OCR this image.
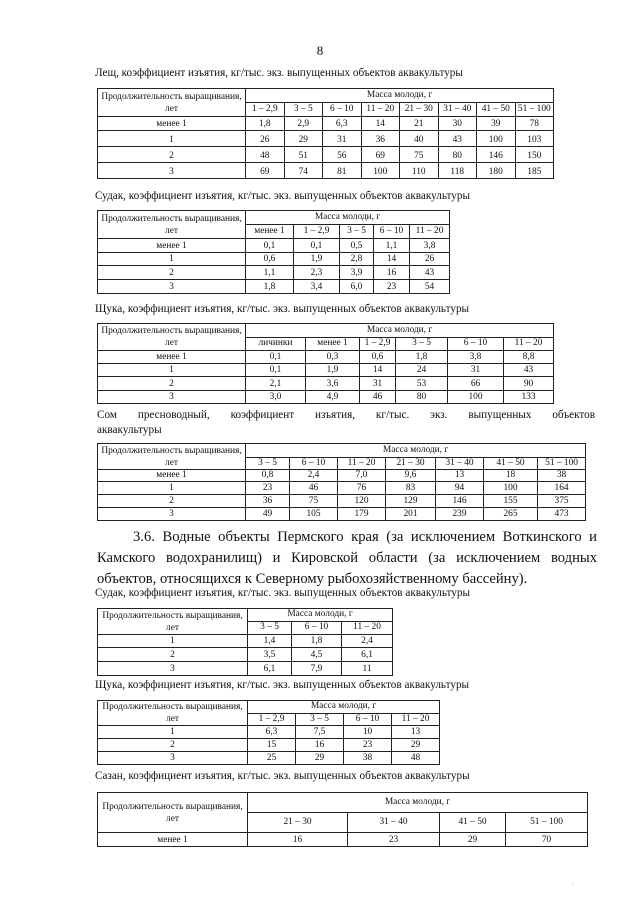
8
Лещ, коэффициент изъятия, кг/тыс. экз. выпущенных объектов аквакультуры
Продолжительность выращивания, лет	Масса молоди, г							
	1 – 2,9	3 – 5	6 – 10	11 – 20	21 – 30	31 – 40	41 – 50	51 – 100
менее 1	1,8	2,9	6,3	14	21	30	39	78
1	26	29	31	36	40	43	100	103
2	48	51	56	69	75	80	146	150
3	69	74	81	100	110	118	180	185
Судак, коэффициент изъятия, кг/тыс. экз. выпущенных объектов аквакультуры
Продолжительность выращивания, лет	Масса молоди, г				
	менее 1	1 – 2,9	3 – 5	6 – 10	11 – 20
менее 1	0,1	0,1	0,5	1,1	3,8
1	0,6	1,9	2,8	14	26
2	1,1	2,3	3,9	16	43
3	1,8	3,4	6,0	23	54
Щука, коэффициент изъятия, кг/тыс. экз. выпущенных объектов аквакультуры
Продолжительность выращивания, лет	Масса молоди, г					
	личинки	менее 1	1 – 2,9	3 – 5	6 – 10	11 – 20
менее 1	0,1	0,3	0,6	1,8	3,8	8,8
1	0,1	1,9	14	24	31	43
2	2,1	3,6	31	53	66	90
3	3,0	4,9	46	80	100	133
Сом пресноводный, коэффициент изъятия, кг/тыс. экз. выпущенных объектов
аквакультуры
Продолжительность выращивания, лет	Масса молоди, г						
	3 – 5	6 – 10	11 – 20	21 – 30	31 – 40	41 – 50	51 – 100
менее 1	0,8	2,4	7,0	9,6	13	18	38
1	23	46	76	83	94	100	164
2	36	75	120	129	146	155	375
3	49	105	179	201	239	265	473
3.6. Водные объекты Пермского края (за исключением Воткинского и Камского водохранилищ) и Кировской области (за исключением водных объектов, относящихся к Северному рыбохозяйственному бассейну).
Судак, коэффициент изъятия, кг/тыс. экз. выпущенных объектов аквакультуры
Продолжительность выращивания, лет	Масса молоди, г		
	3 – 5	6 – 10	11 – 20
1	1,4	1,8	2,4
2	3,5	4,5	6,1
3	6,1	7,9	11
Щука, коэффициент изъятия, кг/тыс. экз. выпущенных объектов аквакультуры
Продолжительность выращивания, лет	Масса молоди, г			
	1 – 2,9	3 – 5	6 – 10	11 – 20
1	6,3	7,5	10	13
2	15	16	23	29
3	25	29	38	48
Сазан, коэффициент изъятия, кг/тыс. экз. выпущенных объектов аквакультуры
Продолжительность выращивания, лет	Масса молоди, г			
	21 – 30	31 – 40	41 – 50	51 – 100
менее 1	16	23	29	70
·
